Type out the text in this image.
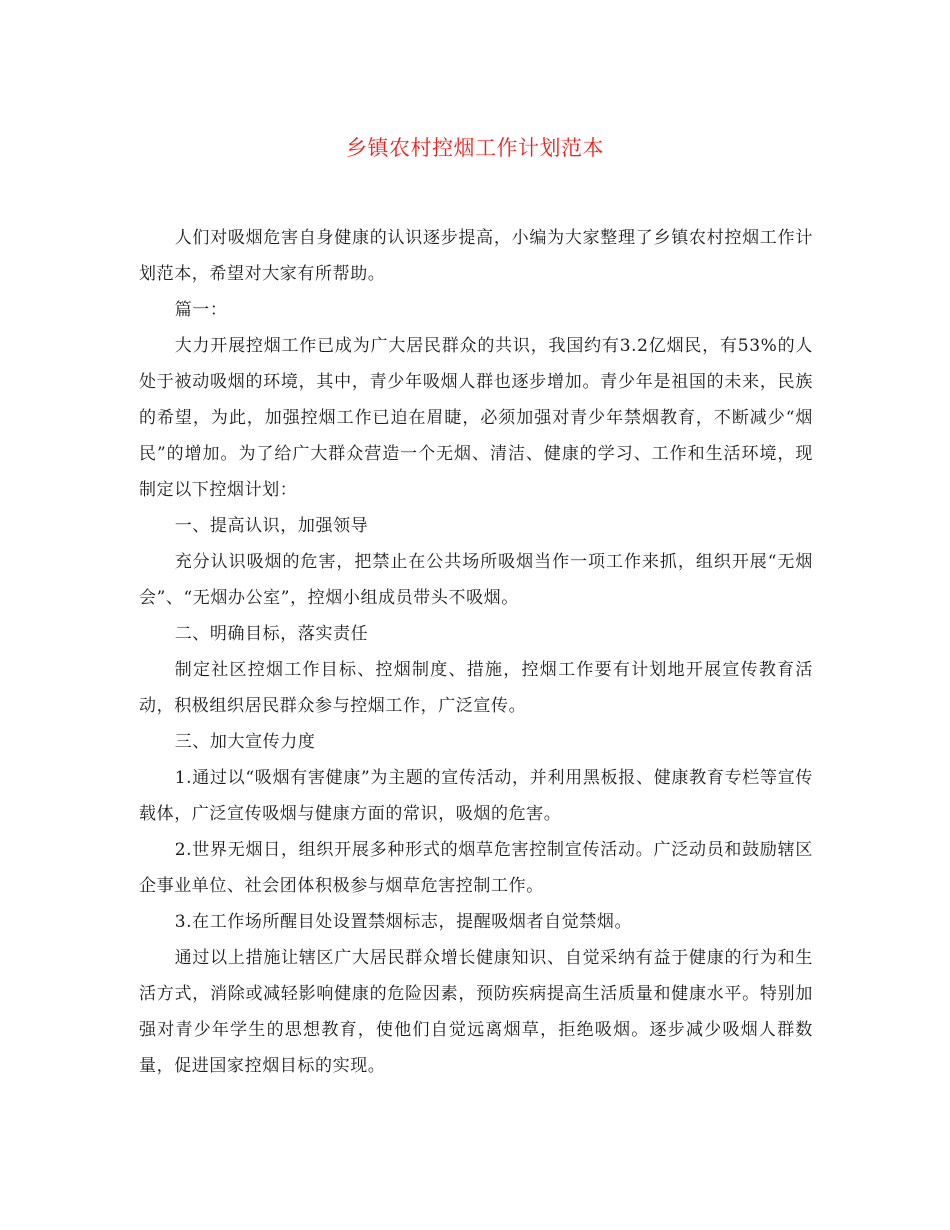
乡镇农村控烟工作计划范本

人们对吸烟危害自身健康的认识逐步提高，小编为大家整理了乡镇农村控烟工作计划范本，希望对大家有所帮助。

篇一：

大力开展控烟工作已成为广大居民群众的共识，我国约有3.2亿烟民，有53%的人处于被动吸烟的环境，其中，青少年吸烟人群也逐步增加。青少年是祖国的未来，民族的希望，为此，加强控烟工作已迫在眉睫，必须加强对青少年禁烟教育，不断减少“烟民”的增加。为了给广大群众营造一个无烟、清洁、健康的学习、工作和生活环境，现制定以下控烟计划：

一、提高认识，加强领导

充分认识吸烟的危害，把禁止在公共场所吸烟当作一项工作来抓，组织开展“无烟会”、“无烟办公室”，控烟小组成员带头不吸烟。

二、明确目标，落实责任

制定社区控烟工作目标、控烟制度、措施，控烟工作要有计划地开展宣传教育活动，积极组织居民群众参与控烟工作，广泛宣传。

三、加大宣传力度

1.通过以“吸烟有害健康”为主题的宣传活动，并利用黑板报、健康教育专栏等宣传载体，广泛宣传吸烟与健康方面的常识，吸烟的危害。

2.世界无烟日，组织开展多种形式的烟草危害控制宣传活动。广泛动员和鼓励辖区企事业单位、社会团体积极参与烟草危害控制工作。

3.在工作场所醒目处设置禁烟标志，提醒吸烟者自觉禁烟。

通过以上措施让辖区广大居民群众增长健康知识、自觉采纳有益于健康的行为和生活方式，消除或减轻影响健康的危险因素，预防疾病提高生活质量和健康水平。特别加强对青少年学生的思想教育，使他们自觉远离烟草，拒绝吸烟。逐步减少吸烟人群数量，促进国家控烟目标的实现。
